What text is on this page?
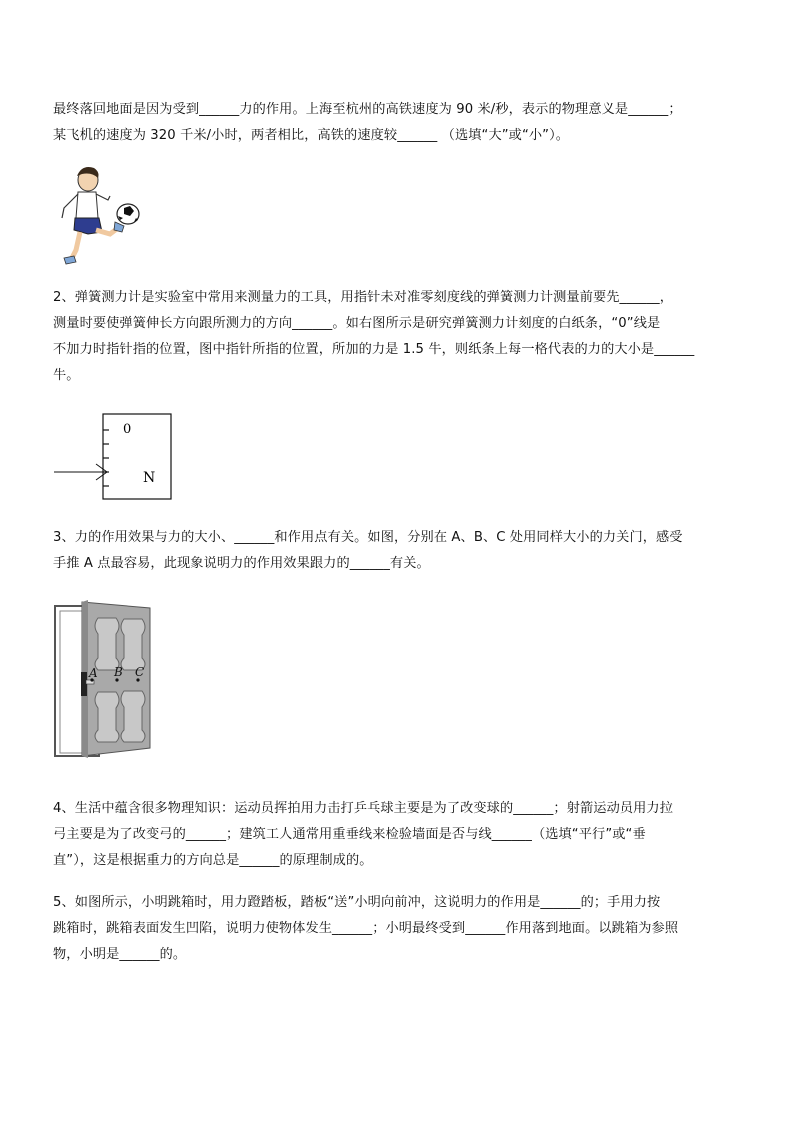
最终落回地面是因为受到______力的作用。上海至杭州的高铁速度为 90 米/秒，表示的物理意义是______；
某飞机的速度为 320 千米/小时，两者相比，高铁的速度较______ （选填“大”或“小”）。
2、弹簧测力计是实验室中常用来测量力的工具，用指针未对准零刻度线的弹簧测力计测量前要先______，
测量时要使弹簧伸长方向跟所测力的方向______。如右图所示是研究弹簧测力计刻度的白纸条，“0”线是
不加力时指针指的位置，图中指针所指的位置，所加的力是 1.5 牛，则纸条上每一格代表的力的大小是______
牛。
0
N
3、力的作用效果与力的大小、______和作用点有关。如图，分别在 A、B、C 处用同样大小的力关门，感受
手推 A 点最容易，此现象说明力的作用效果跟力的______有关。
A B C
4、生活中蕴含很多物理知识：运动员挥拍用力击打乒乓球主要是为了改变球的______；射箭运动员用力拉
弓主要是为了改变弓的______；建筑工人通常用重垂线来检验墙面是否与线______（选填“平行”或“垂
直”），这是根据重力的方向总是______的原理制成的。
5、如图所示，小明跳箱时，用力蹬踏板，踏板“送”小明向前冲，这说明力的作用是______的；手用力按
跳箱时，跳箱表面发生凹陷，说明力使物体发生______；小明最终受到______作用落到地面。以跳箱为参照
物，小明是______的。
